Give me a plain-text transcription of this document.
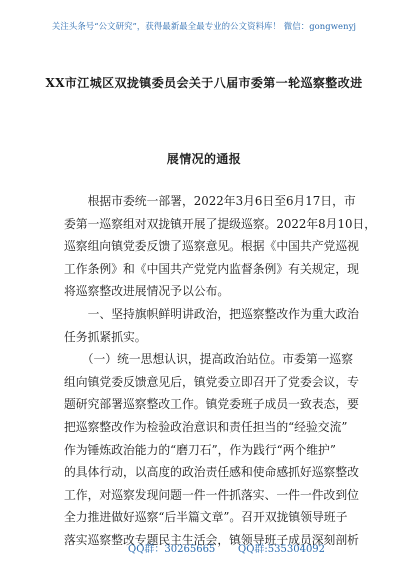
关注头条号“公文研究”，获得最新最全最专业的公文资料库！ 微信：gongwenyj
XX市江城区双拢镇委员会关于八届市委第一轮巡察整改进
展情况的通报
　　根据市委统一部署，2022年3月6日至6月17日，市
委第一巡察组对双拢镇开展了提级巡察。2022年8月10日，
巡察组向镇党委反馈了巡察意见。根据《中国共产党巡视
工作条例》和《中国共产党党内监督条例》有关规定，现
将巡察整改进展情况予以公布。
　　一、坚持旗帜鲜明讲政治，把巡察整改作为重大政治
任务抓紧抓实。
　　（一）统一思想认识，提高政治站位。市委第一巡察
组向镇党委反馈意见后，镇党委立即召开了党委会议，专
题研究部署巡察整改工作。镇党委班子成员一致表态，要
把巡察整改作为检验政治意识和责任担当的“经验交流”
作为锤炼政治能力的“磨刀石”，作为践行“两个维护”
的具体行动，以高度的政治责任感和使命感抓好巡察整改
工作，对巡察发现问题一件一件抓落实、一件一件改到位
全力推进做好巡察“后半篇文章”。召开双拢镇领导班子
落实巡察整改专题民主生活会，镇领导班子成员深刻剖析
QQ群：30265665 QQ群:535304092
